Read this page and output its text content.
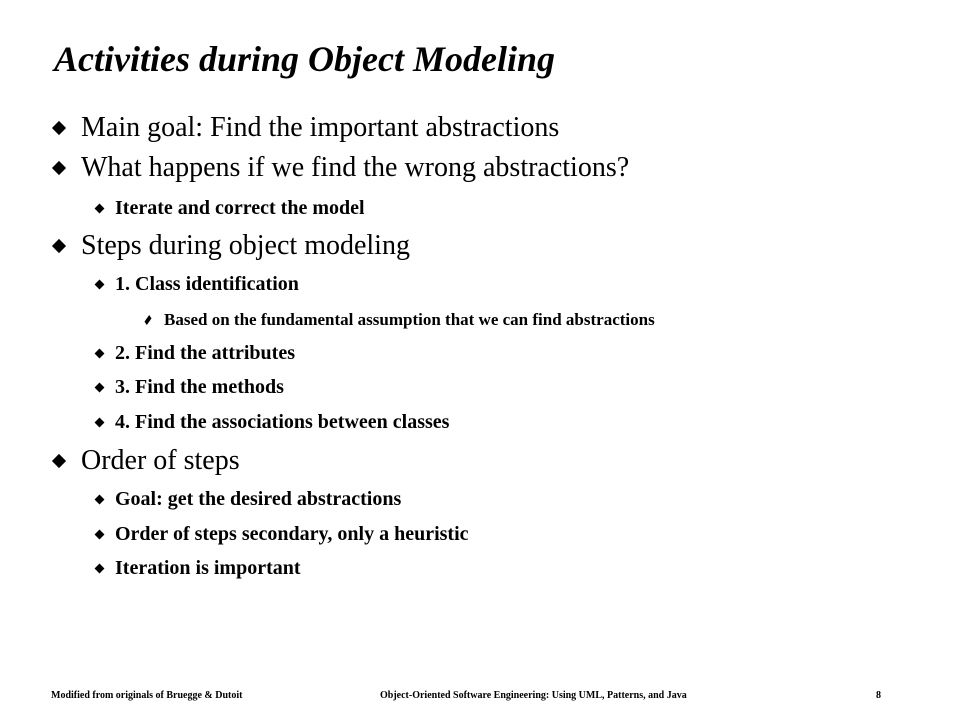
Activities during Object Modeling
Main goal: Find the important abstractions
What happens if we find the wrong abstractions?
Iterate and correct the model
Steps during object modeling
1. Class identification
Based on the fundamental assumption that we can find abstractions
2. Find the attributes
3. Find the methods
4. Find the associations between classes
Order of steps
Goal: get the desired abstractions
Order of steps secondary, only a heuristic
Iteration is important
Modified from originals of Bruegge & Dutoit	Object-Oriented Software Engineering: Using UML, Patterns, and Java	8
